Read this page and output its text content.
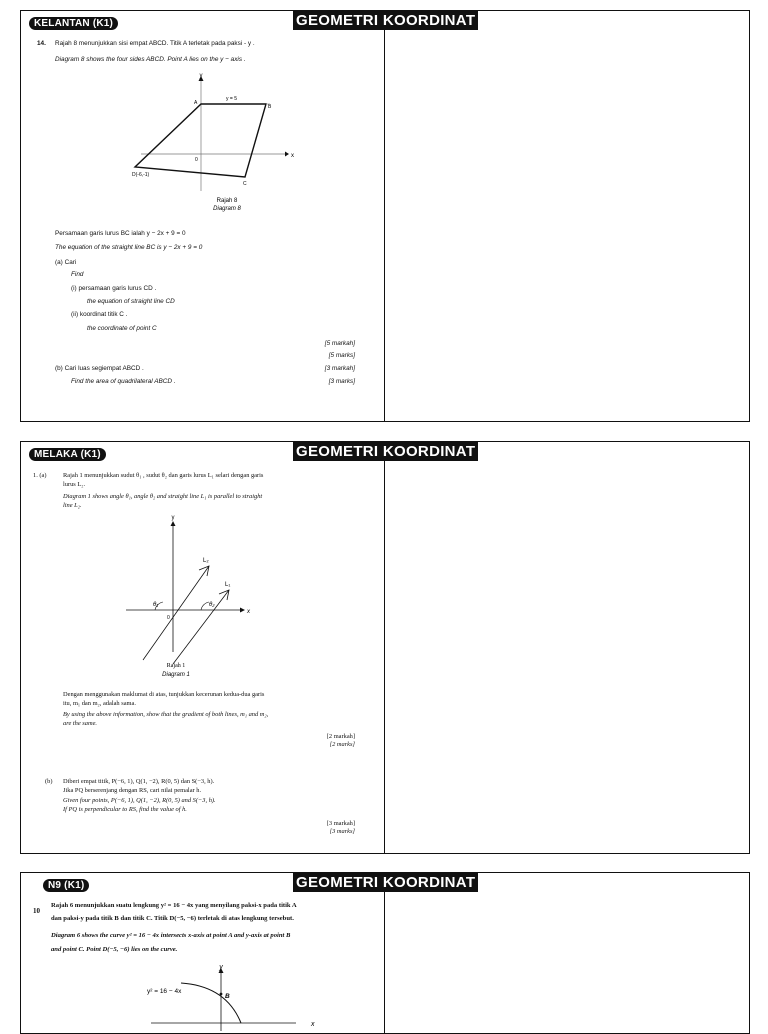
KELANTAN (K1)	GEOMETRI KOORDINAT
14. Rajah 8 menunjukkan sisi empat ABCD. Titik A terletak pada paksi - y .
Diagram 8 shows the four sides ABCD. Point A lies on the y − axis .
y
x
0
A
B
C
D(-6,-1)
y = 5
Rajah 8
Diagram 8
Persamaan garis lurus BC ialah y − 2x + 9 = 0
The equation of the straight line BC is y − 2x + 9 = 0
(a) Cari
Find
(i) persamaan garis lurus CD .
the equation of straight line CD
(ii) koordinat titik C .
the coordinate of point C
[5 markah]
[5 marks]
(b) Cari luas segiempat ABCD .	[3 markah]
Find the area of quadrilateral ABCD .	[3 marks]
MELAKA (K1)	GEOMETRI KOORDINAT
1. (a)	Rajah 1 menunjukkan sudut θ₁ , sudut θ₂ dan garis lurus L₁ selari dengan garis
lurus L₂.
Diagram 1 shows angle θ₁, angle θ₂ and straight line L₁ is parallel to straight
line L₂.
y
x
0
L₂
L₁
θ₁	θ₂
Rajah 1
Diagram 1
Dengan menggunakan maklumat di atas, tunjukkan kecerunan kedua-dua garis
itu, m₁ dan m₂, adalah sama.
By using the above information, show that the gradient of both lines, m₁ and m₂,
are the same.
[2 markah]
[2 marks]
(b) Diberi empat titik, P(−6, 1), Q(1, −2), R(0, 5) dan S(−3, h).
Jika PQ berserenjang dengan RS, cari nilai pemalar h.
Given four points, P(−6, 1), Q(1, −2), R(0, 5) and S(−3, h).
If PQ is perpendicular to RS, find the value of h.
[3 markah]
[3 marks]
N9 (K1)	GEOMETRI KOORDINAT
10
Rajah 6 menunjukkan suatu lengkung y² = 16 − 4x yang menyilang paksi-x pada titik A
dan paksi-y pada titik B dan titik C. Titik D(−5, −6) terletak di atas lengkung tersebut.
Diagram 6 shows the curve y² = 16 − 4x intersects x-axis at point A and y-axis at point B
and point C. Point D(−5, −6) lies on the curve.
y
x
y² = 16 − 4x
B
